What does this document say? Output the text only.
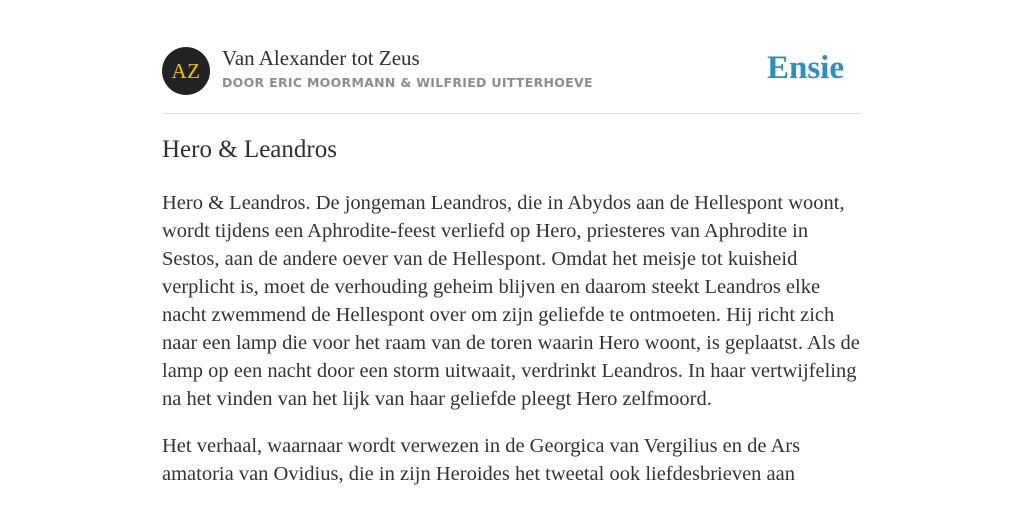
AZ
Van Alexander tot Zeus
DOOR ERIC MOORMANN & WILFRIED UITTERHOEVE	Ensie
Hero & Leandros

Hero & Leandros. De jongeman Leandros, die in Abydos aan de Hellespont woont, wordt tijdens een Aphrodite-feest verliefd op Hero, priesteres van Aphrodite in Sestos, aan de andere oever van de Hellespont. Omdat het meisje tot kuisheid verplicht is, moet de verhouding geheim blijven en daarom steekt Leandros elke nacht zwemmend de Hellespont over om zijn geliefde te ontmoeten. Hij richt zich naar een lamp die voor het raam van de toren waarin Hero woont, is geplaatst. Als de lamp op een nacht door een storm uitwaait, verdrinkt Leandros. In haar vertwijfeling na het vinden van het lijk van haar geliefde pleegt Hero zelfmoord.

Het verhaal, waarnaar wordt verwezen in de Georgica van Vergilius en de Ars amatoria van Ovidius, die in zijn Heroides het tweetal ook liefdesbrieven aan
